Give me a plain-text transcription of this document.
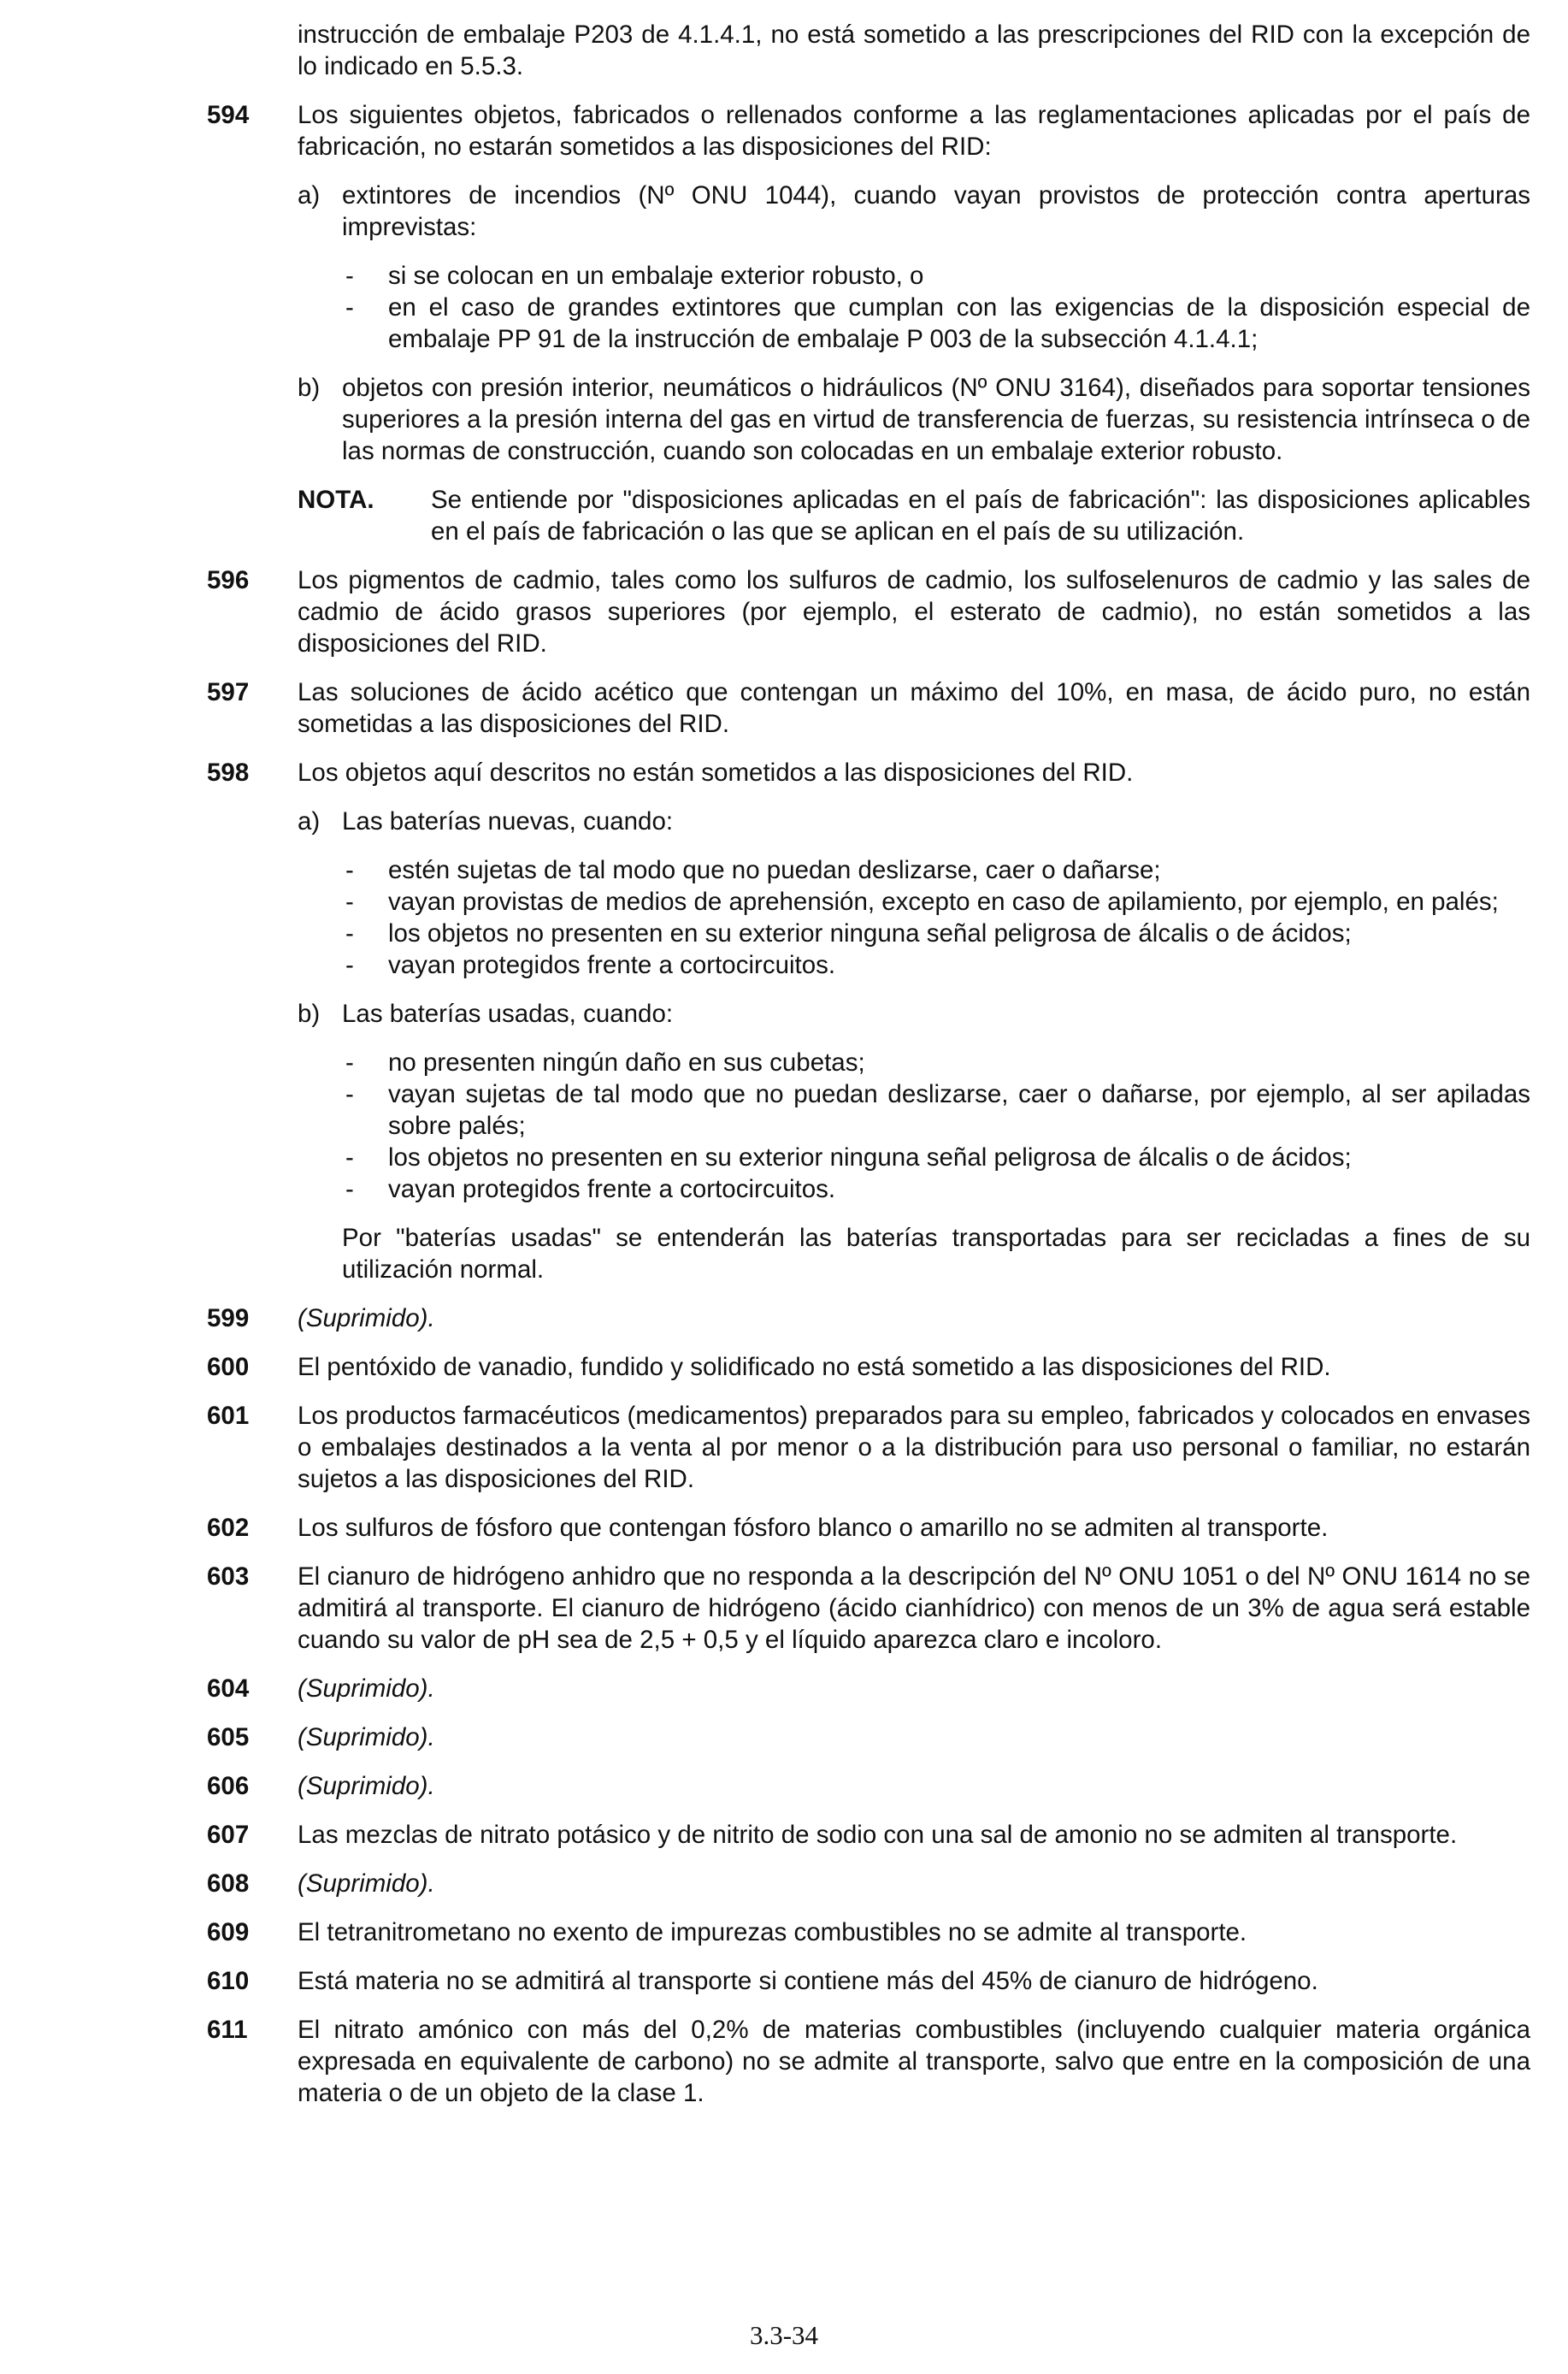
instrucción de embalaje P203 de 4.1.4.1, no está sometido a las prescripciones del RID con la excepción de lo indicado en 5.5.3.
594	Los siguientes objetos, fabricados o rellenados conforme a las reglamentaciones aplicadas por el país de fabricación, no estarán sometidos a las disposiciones del RID:

a) extintores de incendios (Nº ONU 1044), cuando vayan provistos de protección contra aperturas imprevistas:

-	si se colocan en un embalaje exterior robusto, o
-	en el caso de grandes extintores que cumplan con las exigencias de la disposición especial de embalaje PP 91 de la instrucción de embalaje P 003 de la subsección 4.1.4.1;
b) objetos con presión interior, neumáticos o hidráulicos (Nº ONU 3164), diseñados para soportar tensiones superiores a la presión interna del gas en virtud de transferencia de fuerzas, su resistencia intrínseca o de las normas de construcción, cuando son colocadas en un embalaje exterior robusto.
NOTA.	Se entiende por "disposiciones aplicadas en el país de fabricación": las disposiciones aplicables en el país de fabricación o las que se aplican en el país de su utilización.
596	Los pigmentos de cadmio, tales como los sulfuros de cadmio, los sulfoselenuros de cadmio y las sales de cadmio de ácido grasos superiores (por ejemplo, el esterato de cadmio), no están sometidos a las disposiciones del RID.
597	Las soluciones de ácido acético que contengan un máximo del 10%, en masa, de ácido puro, no están sometidas a las disposiciones del RID.
598	Los objetos aquí descritos no están sometidos a las disposiciones del RID.

a) Las baterías nuevas, cuando:

-	estén sujetas de tal modo que no puedan deslizarse, caer o dañarse;
-	vayan provistas de medios de aprehensión, excepto en caso de apilamiento, por ejemplo, en palés;
-	los objetos no presenten en su exterior ninguna señal peligrosa de álcalis o de ácidos;
-	vayan protegidos frente a cortocircuitos.
b) Las baterías usadas, cuando:

-	no presenten ningún daño en sus cubetas;
-	vayan sujetas de tal modo que no puedan deslizarse, caer o dañarse, por ejemplo, al ser apiladas sobre palés;
-	los objetos no presenten en su exterior ninguna señal peligrosa de álcalis o de ácidos;
-	vayan protegidos frente a cortocircuitos.
Por "baterías usadas" se entenderán las baterías transportadas para ser recicladas a fines de su utilización normal.
599	(Suprimido).
600	El pentóxido de vanadio, fundido y solidificado no está sometido a las disposiciones del RID.
601	Los productos farmacéuticos (medicamentos) preparados para su empleo, fabricados y colocados en envases o embalajes destinados a la venta al por menor o a la distribución para uso personal o familiar, no estarán sujetos a las disposiciones del RID.
602	Los sulfuros de fósforo que contengan fósforo blanco o amarillo no se admiten al transporte.
603	El cianuro de hidrógeno anhidro que no responda a la descripción del Nº ONU 1051 o del Nº ONU 1614 no se admitirá al transporte. El cianuro de hidrógeno (ácido cianhídrico) con menos de un 3% de agua será estable cuando su valor de pH sea de 2,5 + 0,5 y el líquido aparezca claro e incoloro.
604	(Suprimido).
605	(Suprimido).
606	(Suprimido).
607	Las mezclas de nitrato potásico y de nitrito de sodio con una sal de amonio no se admiten al transporte.
608	(Suprimido).
609	El tetranitrometano no exento de impurezas combustibles no se admite al transporte.
610	Está materia no se admitirá al transporte si contiene más del 45% de cianuro de hidrógeno.
611	El nitrato amónico con más del 0,2% de materias combustibles (incluyendo cualquier materia orgánica expresada en equivalente de carbono) no se admite al transporte, salvo que entre en la composición de una materia o de un objeto de la clase 1.
3.3-34
